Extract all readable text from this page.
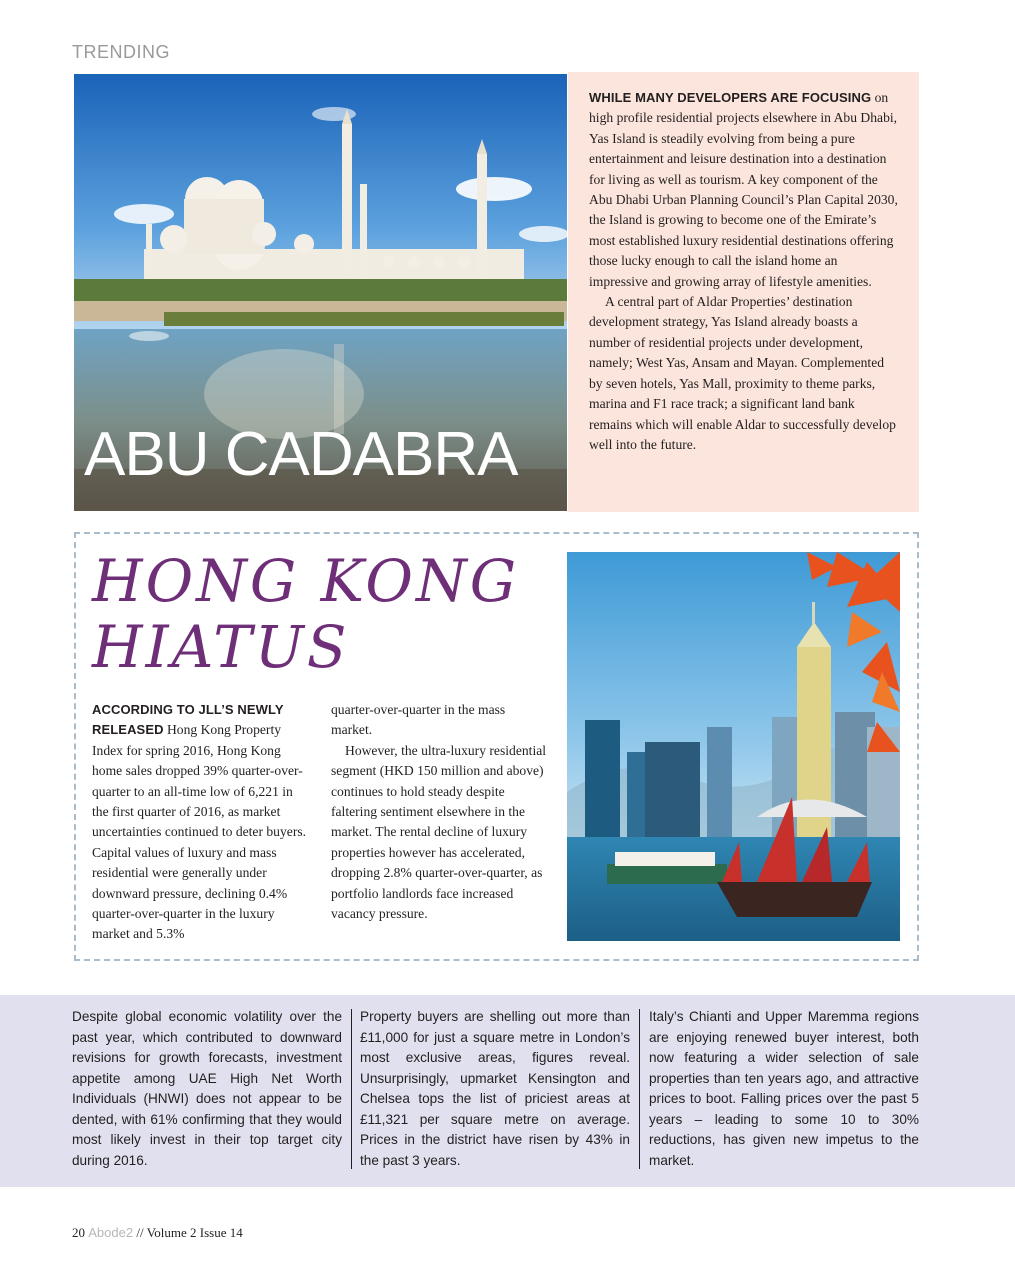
TRENDING
ABU CADABRA

WHILE MANY DEVELOPERS ARE FOCUSING on high profile residential projects elsewhere in Abu Dhabi, Yas Island is steadily evolving from being a pure entertainment and leisure destination into a destination for living as well as tourism. A key component of the Abu Dhabi Urban Planning Council’s Plan Capital 2030, the Island is growing to become one of the Emirate’s most established luxury residential destinations offering those lucky enough to call the island home an impressive and growing array of lifestyle amenities.

A central part of Aldar Properties’ destination development strategy, Yas Island already boasts a number of residential projects under development, namely; West Yas, Ansam and Mayan. Complemented by seven hotels, Yas Mall, proximity to theme parks, marina and F1 race track; a significant land bank remains which will enable Aldar to successfully develop well into the future.

HONG KONG
HIATUS

ACCORDING TO JLL’S NEWLY RELEASED Hong Kong Property Index for spring 2016, Hong Kong home sales dropped 39% quarter-over-quarter to an all-time low of 6,221 in the first quarter of 2016, as market uncertainties continued to deter buyers. Capital values of luxury and mass residential were generally under downward pressure, declining 0.4% quarter-over-quarter in the luxury market and 5.3%

quarter-over-quarter in the mass market.

However, the ultra-luxury residential segment (HKD 150 million and above) continues to hold steady despite faltering sentiment elsewhere in the market. The rental decline of luxury properties however has accelerated, dropping 2.8% quarter-over-quarter, as portfolio landlords face increased vacancy pressure.

Despite global economic volatility over the past year, which contributed to downward revisions for growth forecasts, investment appetite among UAE High Net Worth Individuals (HNWI) does not appear to be dented, with 61% confirming that they would most likely invest in their top target city during 2016.
Property buyers are shelling out more than £11,000 for just a square metre in London’s most exclusive areas, figures reveal. Unsurprisingly, upmarket Kensington and Chelsea tops the list of priciest areas at £11,321 per square metre on average. Prices in the district have risen by 43% in the past 3 years.
Italy’s Chianti and Upper Maremma regions are enjoying renewed buyer interest, both now featuring a wider selection of sale properties than ten years ago, and attractive prices to boot. Falling prices over the past 5 years – leading to some 10 to 30% reductions, has given new impetus to the market.
20 Abode2 // Volume 2 Issue 14
